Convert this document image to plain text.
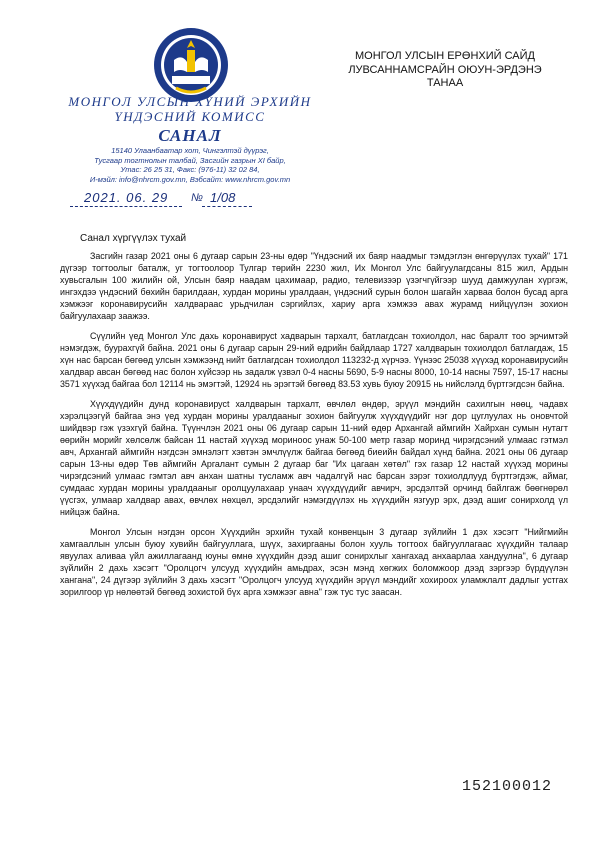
МОНГОЛ УЛСЫН ХҮНИЙ ЭРХИЙН
ҮНДЭСНИЙ КОМИСС
САНАЛ
15140 Улаанбаатар хот, Чингэлтэй дүүрэг,
Тусгаар тогтнолын талбай, Засгийн газрын XI байр,
Утас: 26 25 31, Факс: (976-11) 32 02 84,
И-мэйл: info@nhrcm.gov.mn, Вэбсайт: www.nhrcm.gov.mn
2021. 06. 29 № 1/08
МОНГОЛ УЛСЫН ЕРӨНХИЙ САЙД
ЛУВСАННАМСРАЙН ОЮУН-ЭРДЭНЭ
ТАНАА
Санал хүргүүлэх тухай

Засгийн газар 2021 оны 6 дугаар сарын 23-ны өдөр "Үндэсний их баяр наадмыг тэмдэглэн өнгөрүүлэх тухай" 171 дүгээр тогтоолыг баталж, уг тогтоолоор Тулгар төрийн 2230 жил, Их Монгол Улс байгуулагдсаны 815 жил, Ардын хувьсгалын 100 жилийн ой, Улсын баяр наадам цахимаар, радио, телевизээр үзэгчгүйгээр шууд дамжуулан хүргэж, ингэхдээ үндэсний бөхийн барилдаан, хурдан морины уралдаан, үндэсний сурын болон шагайн харваа болон бусад арга хэмжээг коронавирусийн халдвараас урьдчилан сэргийлэх, хариу арга хэмжээ авах журамд нийцүүлэн зохион байгуулахаар заажээ.

Сүүлийн үед Монгол Улс дахь коронавирусt хадварын тархалт, батлагдсан тохиолдол, нас баралт тоо эрчимтэй нэмэгдэж, буурахгүй байна. 2021 оны 6 дугаар сарын 29-ний өдрийн байдлаар 1727 халдварын тохиолдол батлагдаж, 15 хүн нас барсан бөгөөд улсын хэмжээнд нийт батлагдсан тохиолдол 113232-д хүрчээ. Үүнээс 25038 хүүхэд коронавирусийн халдвар авсан бөгөөд нас болон хүйсээр нь задалж үзвэл 0-4 насны 5690, 5-9 насны 8000, 10-14 насны 7597, 15-17 насны 3571 хүүхэд байгаа бол 12114 нь эмэгтэй, 12924 нь эрэгтэй бөгөөд 83.53 хувь буюу 20915 нь нийслэлд бүртгэгдсэн байна.

Хүүхдүүдийн дунд коронавирусt халдварын тархалт, өвчлөл өндөр, эрүүл мэндийн сахилгын нөөц, чадавх хэрэлцээгүй байгаа энэ үед хурдан морины уралдааныг зохион байгуулж хүүхдүүдийг нэг дор цуглуулах нь оновчтой шийдвэр гэж үзэхгүй байна. Түүнчлэн 2021 оны 06 дугаар сарын 11-ний өдөр Архангай аймгийн Хайрхан сумын нутагт өөрийн морийг хөлсөлж байсан 11 настай хүүхэд мориноос унаж 50-100 метр газар моринд чирэгдсэний улмаас гэтмэл авч, Архангай аймгийн нэгдсэн эмнэлэгт хэвтэн эмчлүүлж байгаа бөгөөд биеийн байдал хүнд байна. 2021 оны 06 дугаар сарын 13-ны өдөр Төв аймгийн Аргалант сумын 2 дугаар баг "Их цагаан хөтөл" гэх газар 12 настай хүүхэд морины чирэгдсэний улмаас гэмтэл авч анхан шатны тусламж авч чадалгүй нас барсан зэрэг тохиолдлууд бүртгэгдэж, аймаг, сумдаас хурдан морины уралдааныг оролцуулахаар унаач хүүхдүүдийг авчирч, эрсдэлтэй орчинд байлгаж бөөгнөрөл үүсгэх, улмаар халдвар авах, өвчлөх нөхцөл, эрсдэлийг нэмэгдүүлэх нь хүүхдийн язгуур эрх, дээд ашиг сонирхолд үл нийцэж байна.

Монгол Улсын нэгдэн орсон Хүүхдийн эрхийн тухай конвенцын 3 дугаар зүйлийн 1 дэх хэсэгт "Нийгмийн хамгааллын улсын буюу хувийн байгууллага, шүүх, захиргааны болон хууль тогтоох байгууллагаас хүүхдийн талаар явуулах аливаа үйл ажиллагаанд юуны өмнө хүүхдийн дээд ашиг сонирхлыг хангахад анхаарлаа хандуулна", 6 дугаар зүйлийн 2 дахь хэсэгт "Оролцогч улсууд хүүхдийн амьдрах, эсэн мэнд хөгжих боломжоор дээд зэргээр бүрдүүлэн хангана", 24 дүгээр зүйлийн 3 дахь хэсэгт "Оролцогч улсууд хүүхдийн эрүүл мэндийг хохироох уламжлалт дадлыг устгах зорилгоор үр нөлөөтэй бөгөөд зохистой бүх арга хэмжээг авна" гэж тус тус заасан.

152100012
